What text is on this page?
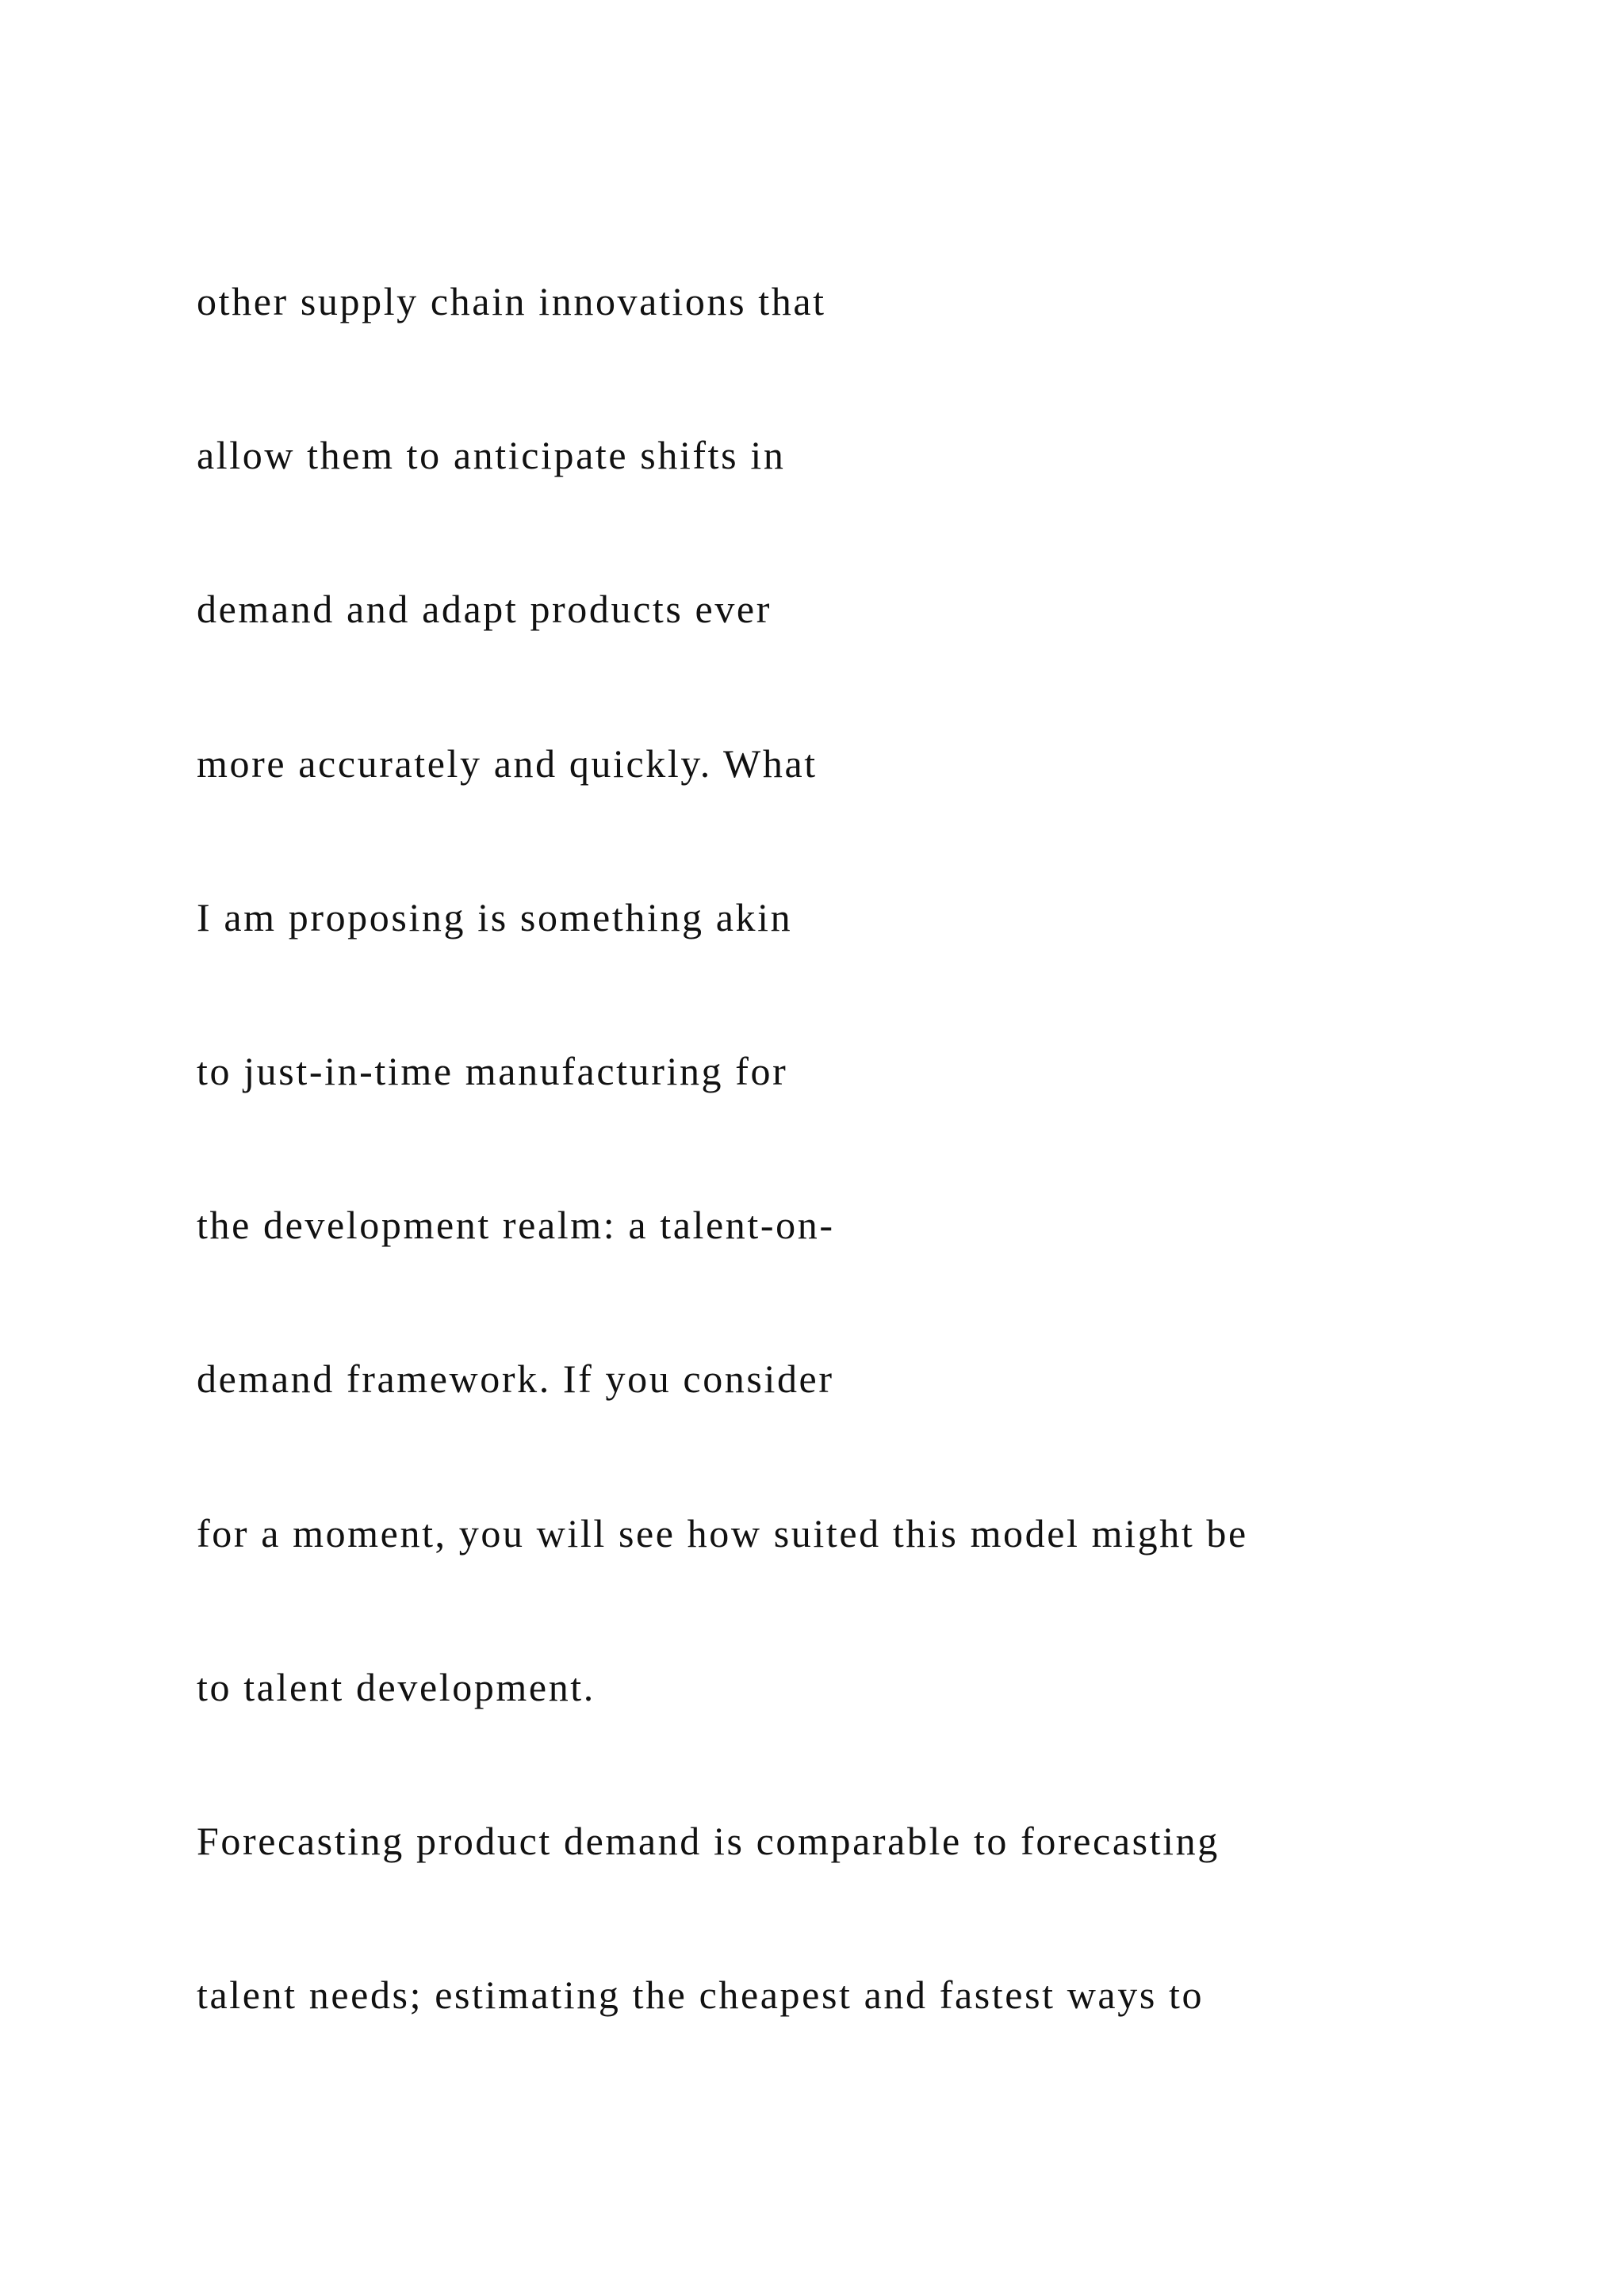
other supply chain innovations that
allow them to anticipate shifts in
demand and adapt products ever
more accurately and quickly. What
I am proposing is something akin
to just-in-time manufacturing for
the development realm: a talent-on-
demand framework. If you consider
for a moment, you will see how suited this model might be
to talent development.
Forecasting product demand is comparable to forecasting
talent needs; estimating the cheapest and fastest ways to
